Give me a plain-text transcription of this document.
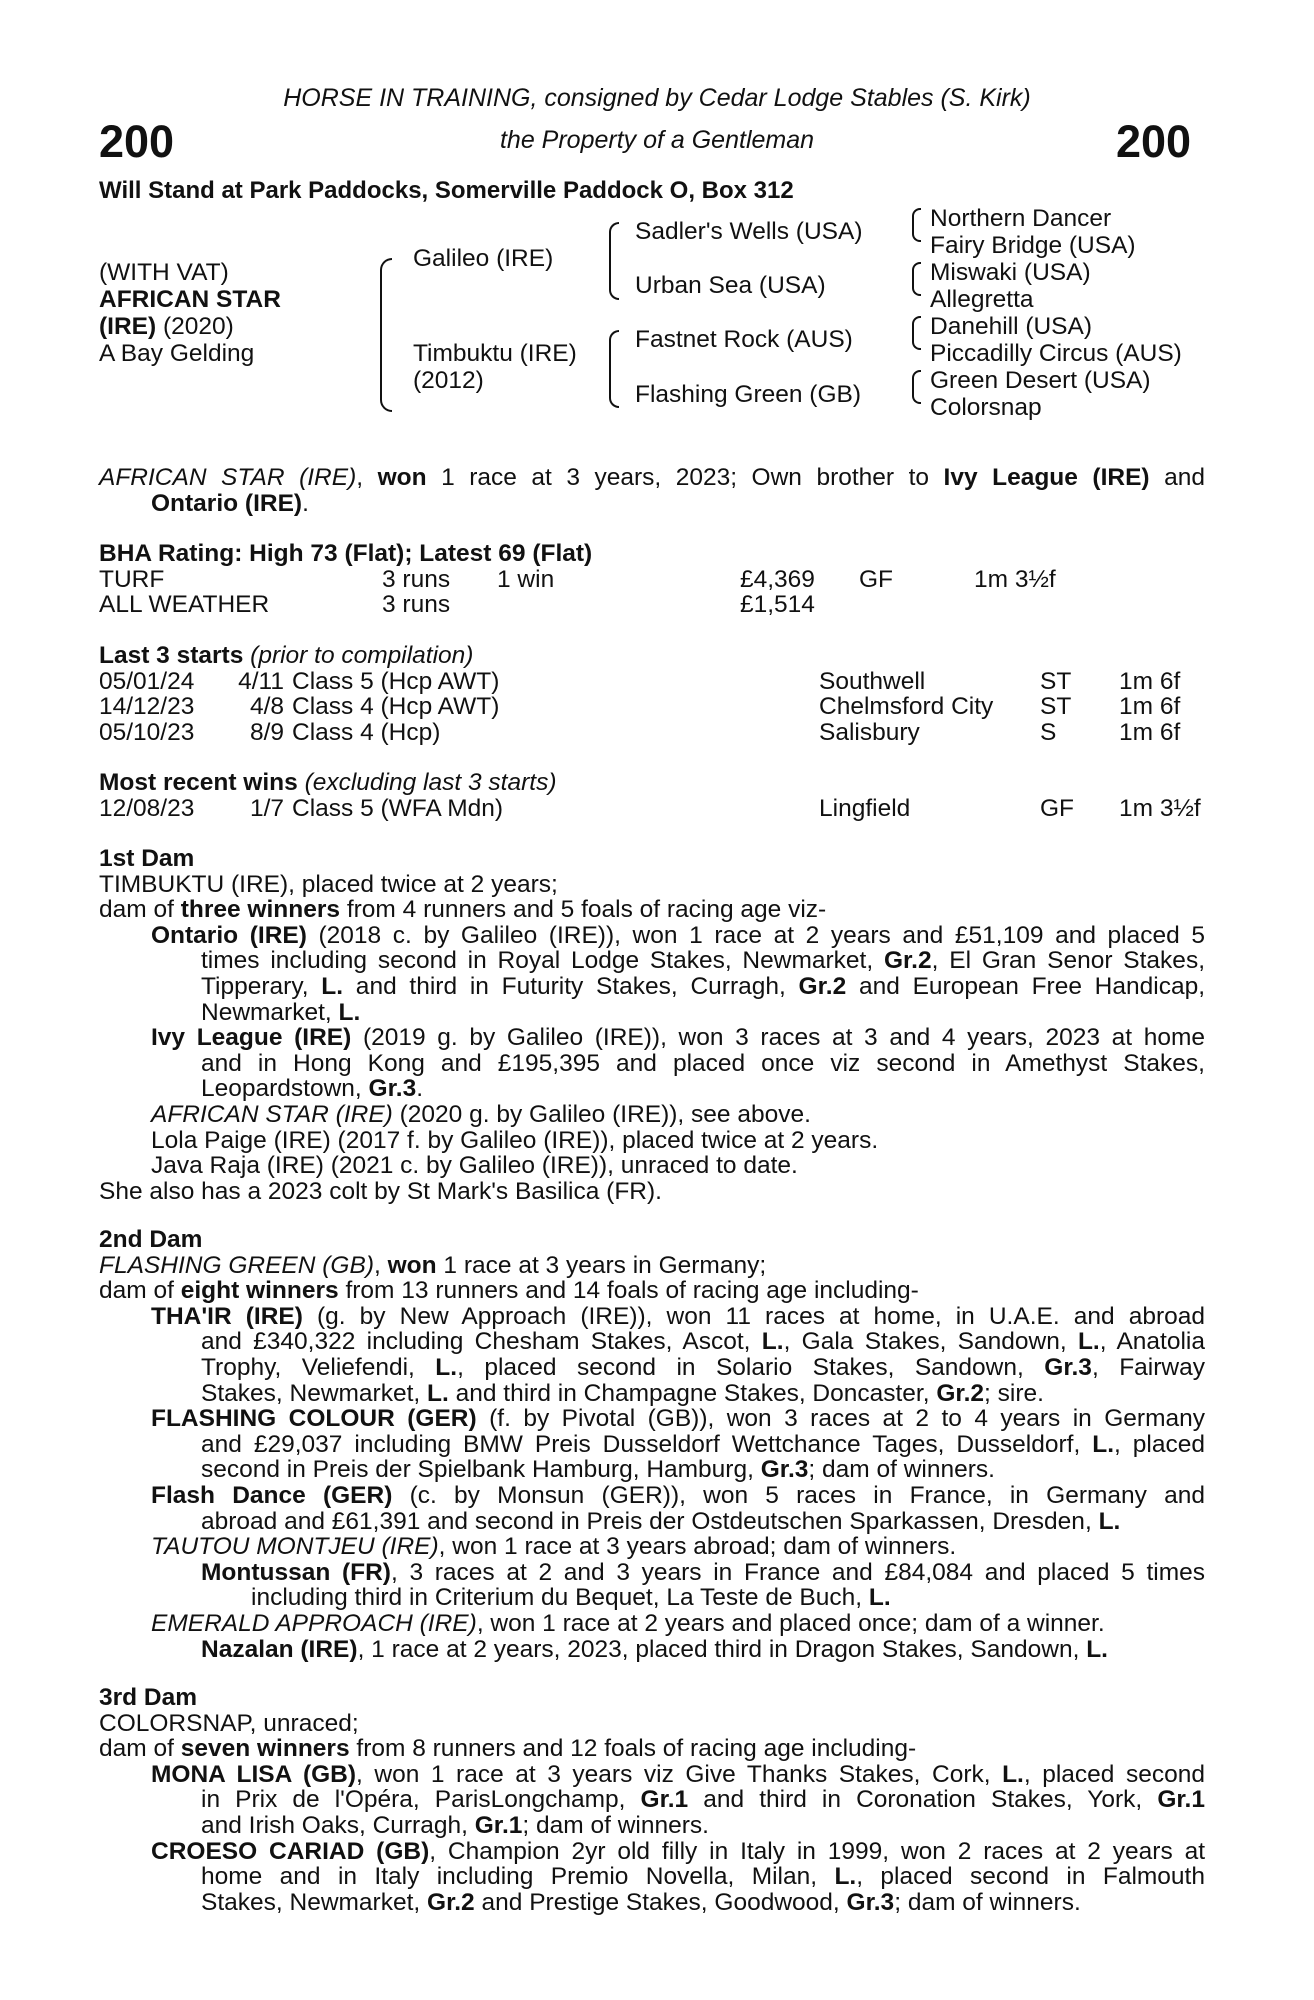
HORSE IN TRAINING, consigned by Cedar Lodge Stables (S. Kirk)
200	the Property of a Gentleman	200
Will Stand at Park Paddocks, Somerville Paddock O, Box 312
(WITH VAT)
AFRICAN STAR
(IRE) (2020)
A Bay Gelding
Galileo (IRE)
Timbuktu (IRE)
(2012)
Sadler's Wells (USA)
Urban Sea (USA)
Fastnet Rock (AUS)
Flashing Green (GB)
Northern Dancer
Fairy Bridge (USA)
Miswaki (USA)
Allegretta
Danehill (USA)
Piccadilly Circus (AUS)
Green Desert (USA)
Colorsnap
AFRICAN STAR (IRE), won 1 race at 3 years, 2023; Own brother to Ivy League (IRE) and
Ontario (IRE).
BHA Rating: High 73 (Flat); Latest 69 (Flat)
TURF	3 runs 1 win	£4,369 GF	1m 3½f
ALL WEATHER	3 runs	£1,514
Last 3 starts (prior to compilation)
05/01/24	4/11 Class 5 (Hcp AWT)	Southwell	ST 1m 6f
14/12/23	4/8 Class 4 (Hcp AWT)	Chelmsford City ST 1m 6f
05/10/23	8/9 Class 4 (Hcp)	Salisbury	S	1m 6f
Most recent wins (excluding last 3 starts)
12/08/23	1/7 Class 5 (WFA Mdn)	Lingfield	GF 1m 3½f
1st Dam
TIMBUKTU (IRE), placed twice at 2 years;
dam of three winners from 4 runners and 5 foals of racing age viz-
Ontario (IRE) (2018 c. by Galileo (IRE)), won 1 race at 2 years and £51,109 and placed 5
times including second in Royal Lodge Stakes, Newmarket, Gr.2, El Gran Senor Stakes,
Tipperary, L. and third in Futurity Stakes, Curragh, Gr.2 and European Free Handicap,
Newmarket, L.
Ivy League (IRE) (2019 g. by Galileo (IRE)), won 3 races at 3 and 4 years, 2023 at home
and in Hong Kong and £195,395 and placed once viz second in Amethyst Stakes,
Leopardstown, Gr.3.
AFRICAN STAR (IRE) (2020 g. by Galileo (IRE)), see above.
Lola Paige (IRE) (2017 f. by Galileo (IRE)), placed twice at 2 years.
Java Raja (IRE) (2021 c. by Galileo (IRE)), unraced to date.
She also has a 2023 colt by St Mark's Basilica (FR).
2nd Dam
FLASHING GREEN (GB), won 1 race at 3 years in Germany;
dam of eight winners from 13 runners and 14 foals of racing age including-
THA'IR (IRE) (g. by New Approach (IRE)), won 11 races at home, in U.A.E. and abroad
and £340,322 including Chesham Stakes, Ascot, L., Gala Stakes, Sandown, L., Anatolia
Trophy, Veliefendi, L., placed second in Solario Stakes, Sandown, Gr.3, Fairway
Stakes, Newmarket, L. and third in Champagne Stakes, Doncaster, Gr.2; sire.
FLASHING COLOUR (GER) (f. by Pivotal (GB)), won 3 races at 2 to 4 years in Germany
and £29,037 including BMW Preis Dusseldorf Wettchance Tages, Dusseldorf, L., placed
second in Preis der Spielbank Hamburg, Hamburg, Gr.3; dam of winners.
Flash Dance (GER) (c. by Monsun (GER)), won 5 races in France, in Germany and
abroad and £61,391 and second in Preis der Ostdeutschen Sparkassen, Dresden, L.
TAUTOU MONTJEU (IRE), won 1 race at 3 years abroad; dam of winners.
Montussan (FR), 3 races at 2 and 3 years in France and £84,084 and placed 5 times
including third in Criterium du Bequet, La Teste de Buch, L.
EMERALD APPROACH (IRE), won 1 race at 2 years and placed once; dam of a winner.
Nazalan (IRE), 1 race at 2 years, 2023, placed third in Dragon Stakes, Sandown, L.
3rd Dam
COLORSNAP, unraced;
dam of seven winners from 8 runners and 12 foals of racing age including-
MONA LISA (GB), won 1 race at 3 years viz Give Thanks Stakes, Cork, L., placed second
in Prix de l'Opéra, ParisLongchamp, Gr.1 and third in Coronation Stakes, York, Gr.1
and Irish Oaks, Curragh, Gr.1; dam of winners.
CROESO CARIAD (GB), Champion 2yr old filly in Italy in 1999, won 2 races at 2 years at
home and in Italy including Premio Novella, Milan, L., placed second in Falmouth
Stakes, Newmarket, Gr.2 and Prestige Stakes, Goodwood, Gr.3; dam of winners.
